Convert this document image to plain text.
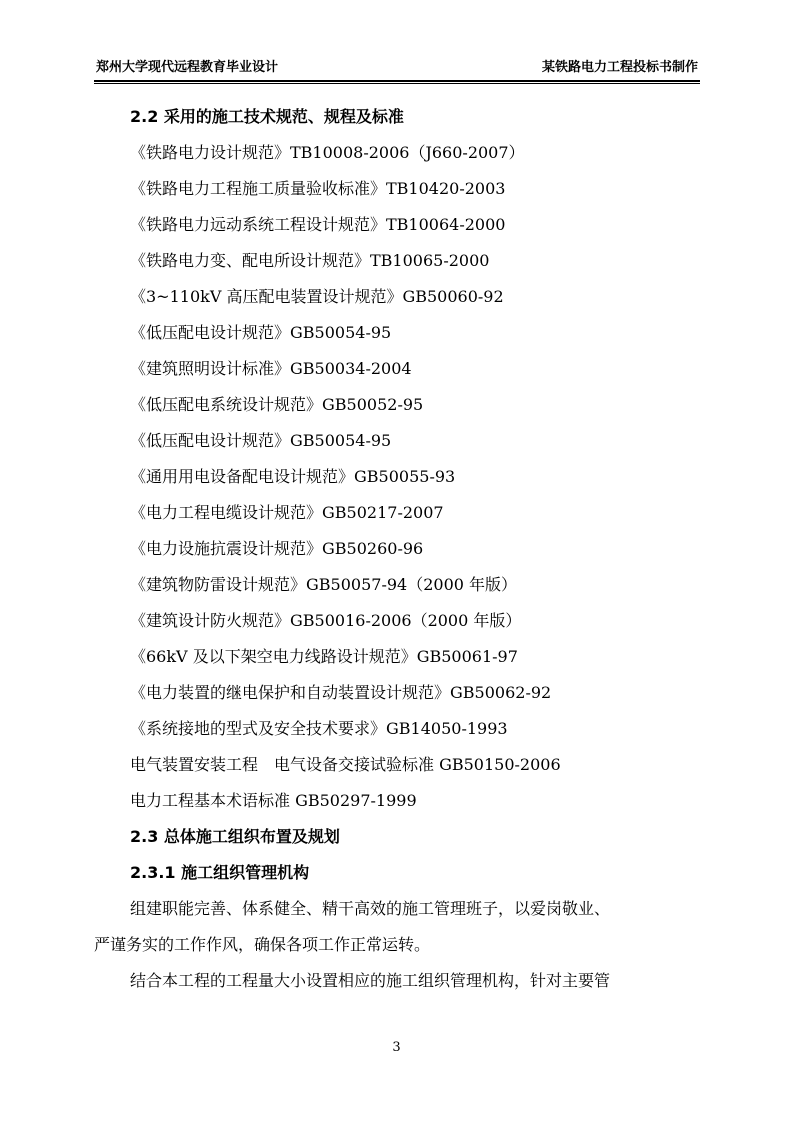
郑州大学现代远程教育毕业设计	某铁路电力工程投标书制作
2.2 采用的施工技术规范、规程及标准
《铁路电力设计规范》TB10008-2006（J660-2007）
《铁路电力工程施工质量验收标准》TB10420-2003
《铁路电力远动系统工程设计规范》TB10064-2000
《铁路电力变、配电所设计规范》TB10065-2000
《3~110kV 高压配电装置设计规范》GB50060-92
《低压配电设计规范》GB50054-95
《建筑照明设计标准》GB50034-2004
《低压配电系统设计规范》GB50052-95
《低压配电设计规范》GB50054-95
《通用用电设备配电设计规范》GB50055-93
《电力工程电缆设计规范》GB50217-2007
《电力设施抗震设计规范》GB50260-96
《建筑物防雷设计规范》GB50057-94（2000 年版）
《建筑设计防火规范》GB50016-2006（2000 年版）
《66kV 及以下架空电力线路设计规范》GB50061-97
《电力装置的继电保护和自动装置设计规范》GB50062-92
《系统接地的型式及安全技术要求》GB14050-1993
电气装置安装工程　电气设备交接试验标准 GB50150-2006
电力工程基本术语标准 GB50297-1999
2.3 总体施工组织布置及规划
2.3.1 施工组织管理机构
组建职能完善、体系健全、精干高效的施工管理班子，以爱岗敬业、
严谨务实的工作作风，确保各项工作正常运转。
结合本工程的工程量大小设置相应的施工组织管理机构，针对主要管
3
